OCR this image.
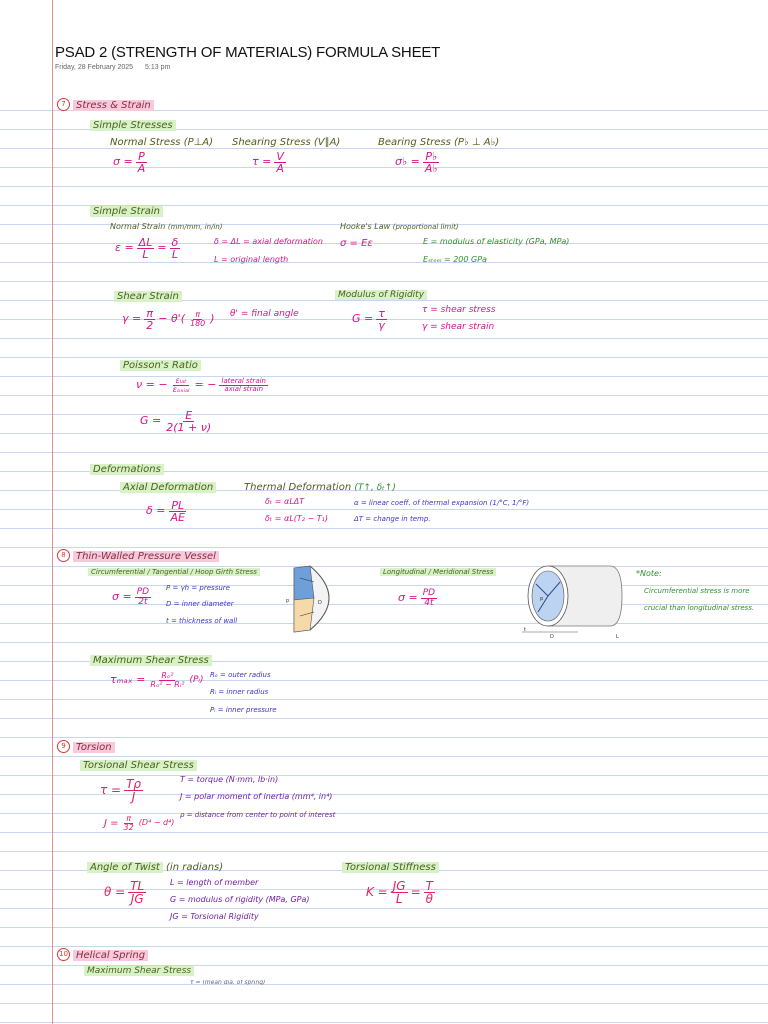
PSAD 2 (STRENGTH OF MATERIALS) FORMULA SHEET
Friday, 28 February 2025 5:13 pm
7 Stress & Strain
Simple Stresses
Normal Stress (P⊥A) Shearing Stress (V∥A)	Bearing Stress (P♭ ⊥ A♭)
$\sigma = \frac{P}{A}$	$\tau = \frac{V}{A}$	σ♭ = $\frac{P♭}{A♭}$
Simple Strain
Normal Strain (mm/mm, in/in)
$\varepsilon = \frac{\Delta L}{L} = \frac{\delta}{L}$	δ = ΔL = axial deformation
L = original length
Hooke's Law (proportional limit)
σ = Eε	E = modulus of elasticity (GPa, MPa)
Eₛₜₑₑₗ = 200 GPa
Shear Strain
$\gamma = \frac{\pi}{2} - \theta'( \frac{\pi}{180}$ ) θ' = final angle
Modulus of Rigidity
$G = \frac{\tau}{\gamma}$	τ = shear stress
γ = shear strain
Poisson's Ratio
ν = − $\frac{\text{εₗₐₜ}}{\text{εₐₓᵢₐₗ}}$ = − $\frac{\text{lateral strain}}{\text{axial strain}}$
$G = \frac{E}{2(1 + \nu)}$
Deformations
Axial Deformation	Thermal Deformation (T↑, δₜ↑)
$\delta = \frac{PL}{AE}$	δₜ = αLΔT
δₜ = αL(T₂ − T₁)
α = linear coeff. of thermal expansion (1/°C, 1/°F)
ΔT = change in temp.
8 Thin-Walled Pressure Vessel
Circumferential / Tangential / Hoop Girth Stress
$\sigma = \frac{PD}{2t}$ P = γh = pressure
D = inner diameter
t = thickness of wall
D
p
Longitudinal / Meridional Stress
$\sigma = \frac{PD}{4t}$	p
D
t
L
*Note:
Circumferential stress is more
crucial than longitudinal stress.
Maximum Shear Stress
$\tau_{max} = \frac{\text{Rₒ²}}{\text{Rₒ² − Rᵢ²}}$ (Pᵢ) Rₒ = outer radius
Rᵢ = inner radius
Pᵢ = inner pressure
9 Torsion
Torsional Shear Stress
$\tau = \frac{T\rho}{J}$	T = torque (N·mm, lb·in)
J = polar moment of inertia (mm⁴, in⁴)
$J = \frac{\pi}{32} (D^4 - d^4)$
ρ = distance from center to point of interest
Angle of Twist (in radians)
$\theta = \frac{TL}{JG}$	L = length of member
G = modulus of rigidity (MPa, GPa)
JG = Torsional Rigidity
Torsional Stiffness
$K = \frac{JG}{L} = \frac{T}{\theta}$
10 Helical Spring
Maximum Shear Stress
τ = (mean dia. of spring)
